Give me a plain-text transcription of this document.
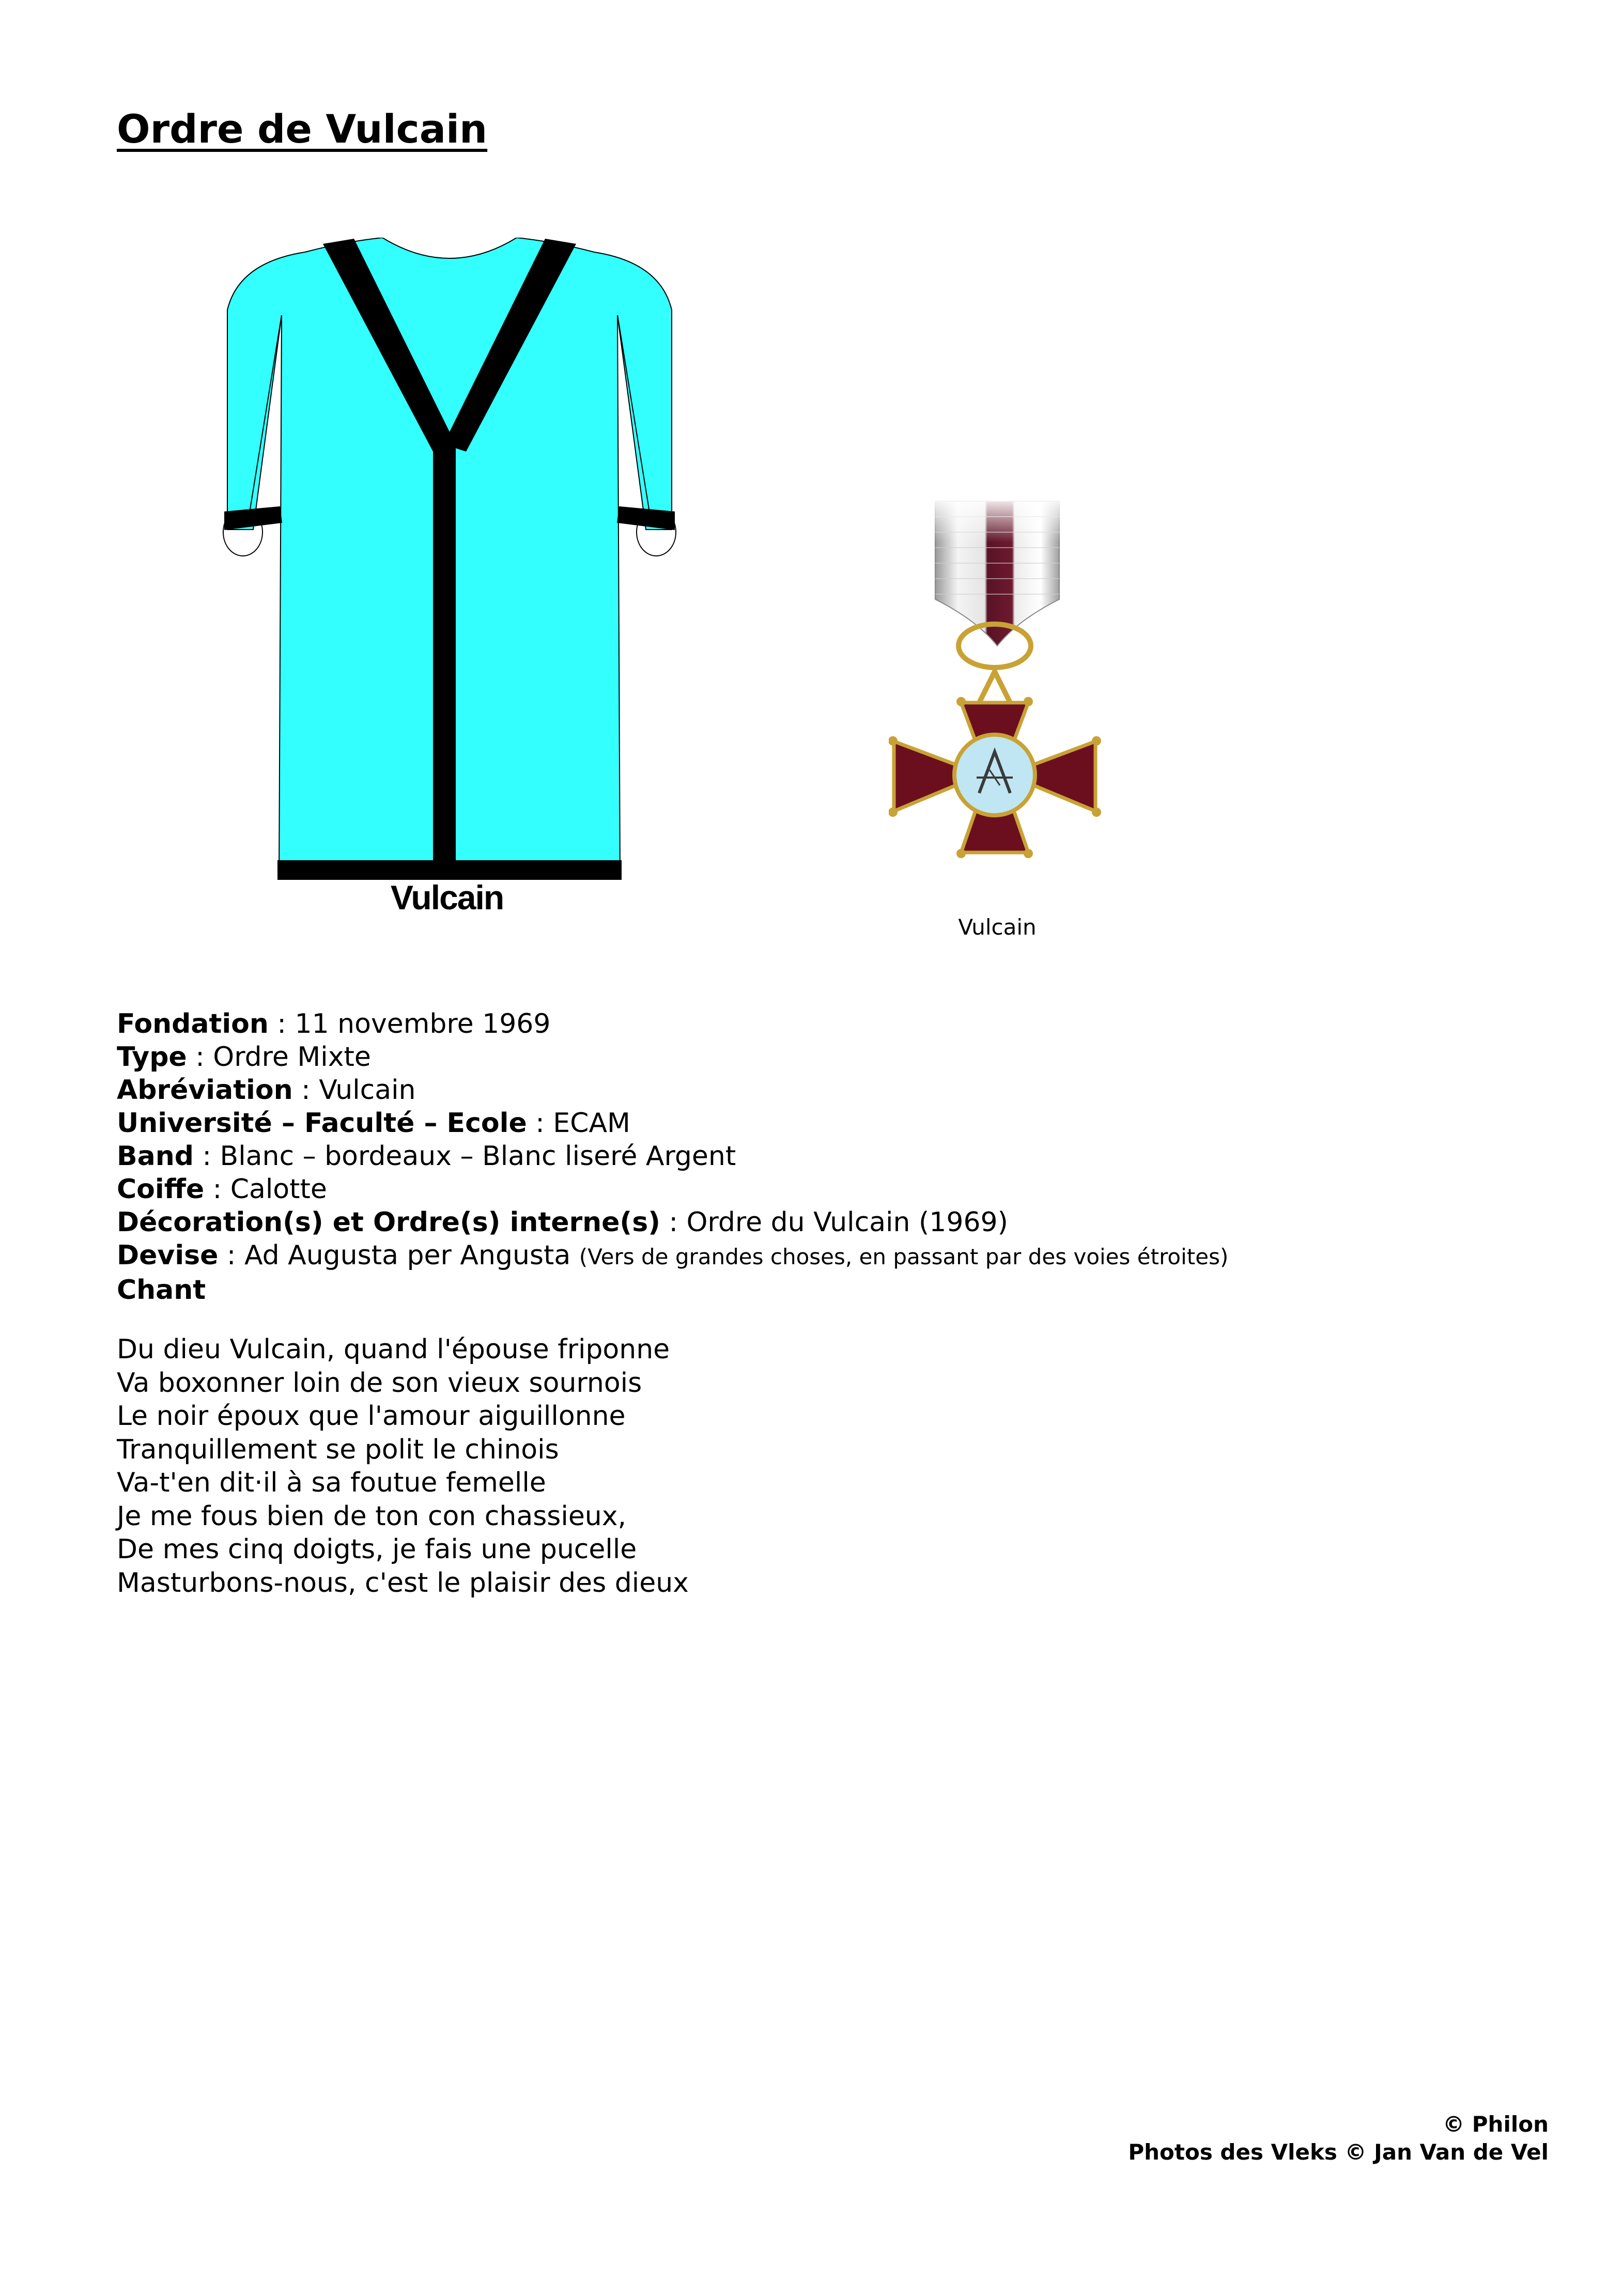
Ordre de Vulcain
Vulcain
Vulcain
Fondation : 11 novembre 1969
Type : Ordre Mixte
Abréviation : Vulcain
Université – Faculté – Ecole : ECAM
Band : Blanc – bordeaux – Blanc liseré Argent
Coiffe : Calotte
Décoration(s) et Ordre(s) interne(s) : Ordre du Vulcain (1969)
Devise : Ad Augusta per Angusta (Vers de grandes choses, en passant par des voies étroites)
Chant
Du dieu Vulcain, quand l'épouse friponne
Va boxonner loin de son vieux sournois
Le noir époux que l'amour aiguillonne
Tranquillement se polit le chinois
Va-t'en dit·il à sa foutue femelle
Je me fous bien de ton con chassieux,
De mes cinq doigts, je fais une pucelle
Masturbons-nous, c'est le plaisir des dieux
© Philon
Photos des Vleks © Jan Van de Vel
